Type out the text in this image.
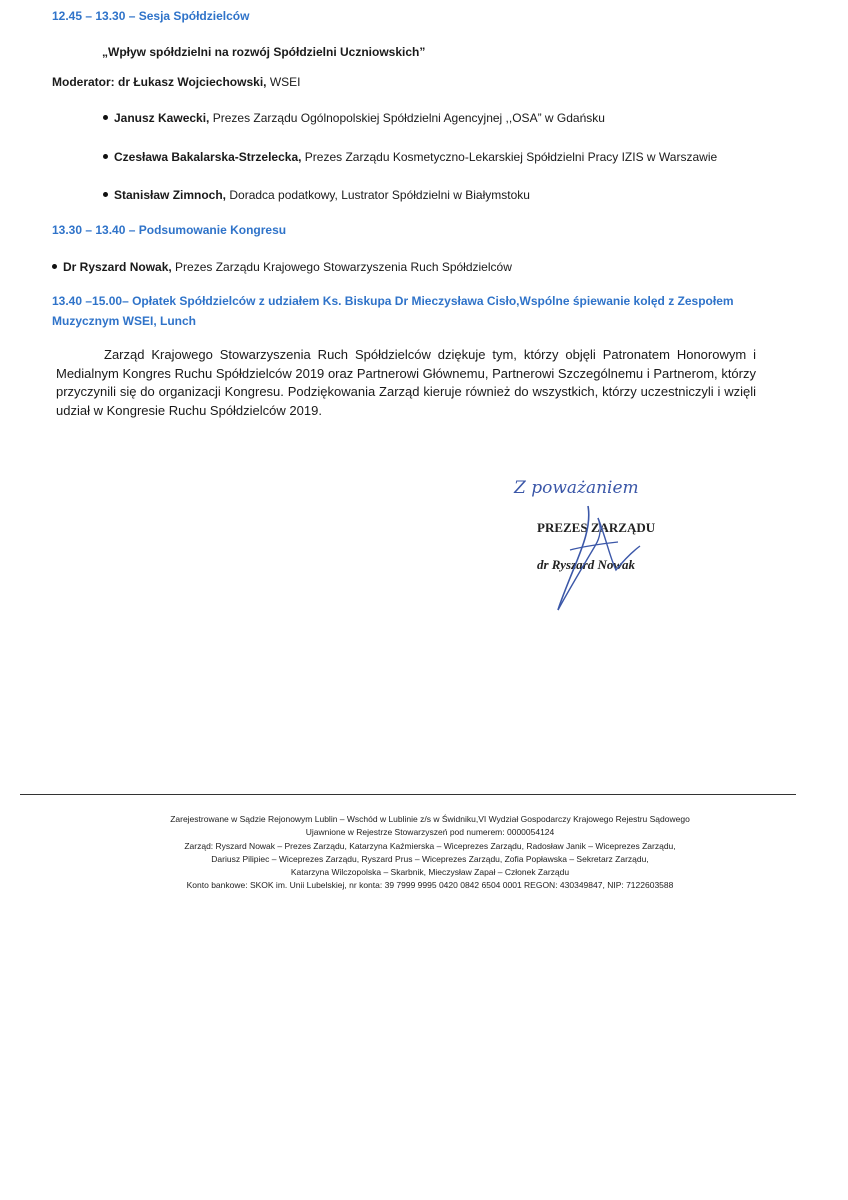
12.45 – 13.30 – Sesja Spółdzielców
„Wpływ spółdzielni na rozwój Spółdzielni Uczniowskich”
Moderator: dr Łukasz Wojciechowski, WSEI
Janusz Kawecki, Prezes Zarządu Ogólnopolskiej Spółdzielni Agencyjnej ,,OSA” w Gdańsku
Czesława Bakalarska-Strzelecka, Prezes Zarządu Kosmetyczno-Lekarskiej Spółdzielni Pracy IZIS w Warszawie
Stanisław Zimnoch, Doradca podatkowy, Lustrator Spółdzielni w Białymstoku
13.30 – 13.40 – Podsumowanie Kongresu
Dr Ryszard Nowak, Prezes Zarządu Krajowego Stowarzyszenia Ruch Spółdzielców
13.40 –15.00– Opłatek Spółdzielców z udziałem Ks. Biskupa Dr Mieczysława Cisło,Wspólne śpiewanie kolęd z Zespołem
Muzycznym WSEI, Lunch
Zarząd Krajowego Stowarzyszenia Ruch Spółdzielców dziękuje tym, którzy objęli Patronatem Honorowym i Medialnym Kongres Ruchu Spółdzielców 2019 oraz Partnerowi Głównemu, Partnerowi Szczególnemu i Partnerom, którzy przyczynili się do organizacji Kongresu. Podziękowania Zarząd kieruje również do wszystkich, którzy uczestniczyli i wzięli udział w Kongresie Ruchu Spółdzielców 2019.
Z poważaniem
PREZES ZARZĄDU
dr Ryszard Nowak
Zarejestrowane w Sądzie Rejonowym Lublin – Wschód w Lublinie z/s w Świdniku,VI Wydział Gospodarczy Krajowego Rejestru Sądowego
Ujawnione w Rejestrze Stowarzyszeń pod numerem: 0000054124
Zarząd: Ryszard Nowak – Prezes Zarządu, Katarzyna Kaźmierska – Wiceprezes Zarządu, Radosław Janik – Wiceprezes Zarządu,
Dariusz Pilipiec – Wiceprezes Zarządu, Ryszard Prus – Wiceprezes Zarządu, Zofia Popławska – Sekretarz Zarządu,
Katarzyna Wilczopolska – Skarbnik, Mieczysław Zapał – Członek Zarządu
Konto bankowe: SKOK im. Unii Lubelskiej, nr konta: 39 7999 9995 0420 0842 6504 0001 REGON: 430349847, NIP: 7122603588
